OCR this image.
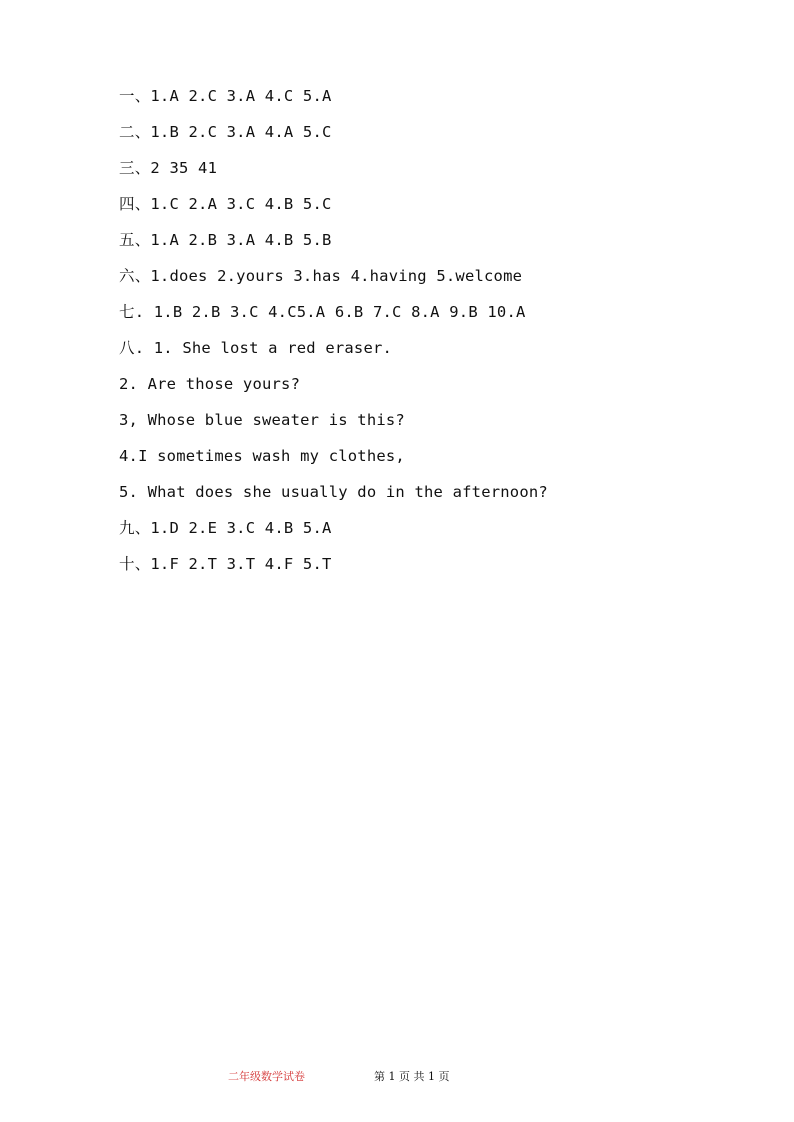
一、1.A 2.C 3.A 4.C 5.A
二、1.B 2.C 3.A 4.A 5.C
三、2 35 41
四、1.C 2.A 3.C 4.B 5.C
五、1.A 2.B 3.A 4.B 5.B
六、1.does 2.yours 3.has 4.having 5.welcome
七. 1.B 2.B 3.C 4.C5.A 6.B 7.C 8.A 9.B 10.A
八. 1. She lost a red eraser.
2. Are those yours?
3, Whose blue sweater is this?
4.I sometimes wash my clothes,
5. What does she usually do in the afternoon?
九、1.D 2.E 3.C 4.B 5.A
十、1.F 2.T 3.T 4.F 5.T
二年级数学试卷	第 1 页 共 1 页
